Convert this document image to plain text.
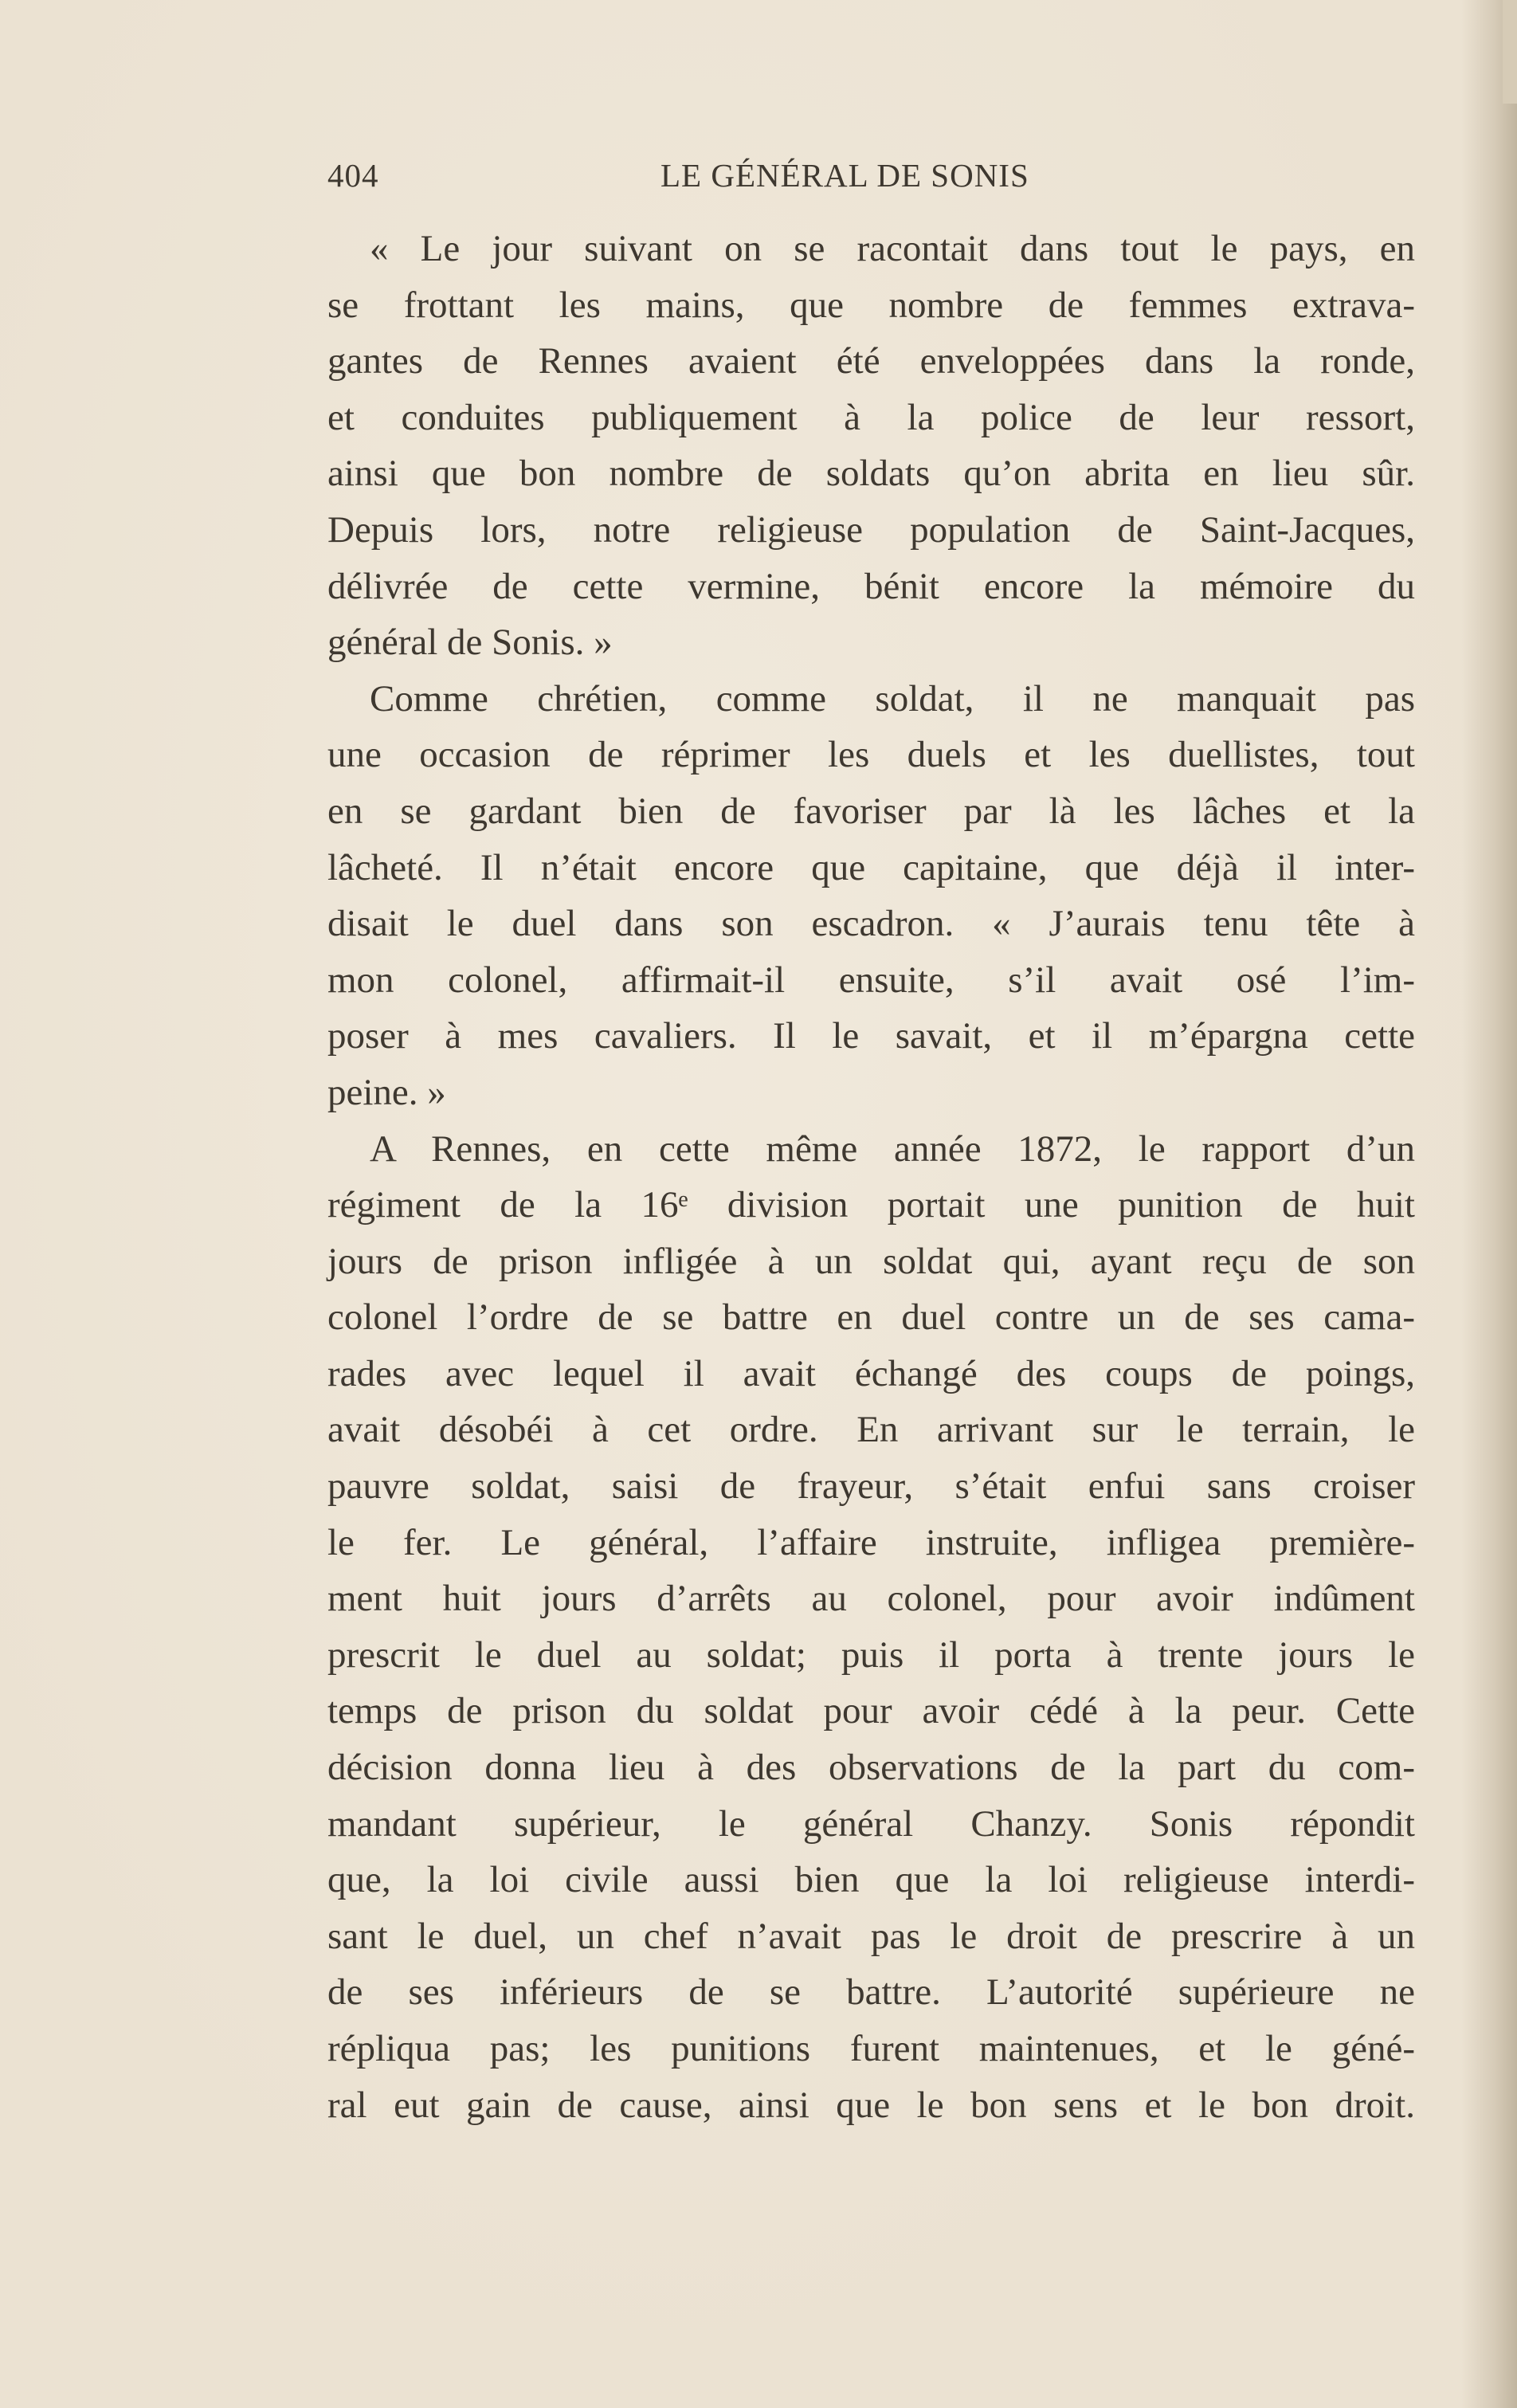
404	LE GÉNÉRAL DE SONIS
« Le jour suivant on se racontait dans tout le pays, en
se frottant les mains, que nombre de femmes extrava-
gantes de Rennes avaient été enveloppées dans la ronde,
et conduites publiquement à la police de leur ressort,
ainsi que bon nombre de soldats qu’on abrita en lieu sûr.
Depuis lors, notre religieuse population de Saint-Jacques,
délivrée de cette vermine, bénit encore la mémoire du
général de Sonis. »
Comme chrétien, comme soldat, il ne manquait pas
une occasion de réprimer les duels et les duellistes, tout
en se gardant bien de favoriser par là les lâches et la
lâcheté. Il n’était encore que capitaine, que déjà il inter-
disait le duel dans son escadron. « J’aurais tenu tête à
mon colonel, affirmait-il ensuite, s’il avait osé l’im-
poser à mes cavaliers. Il le savait, et il m’épargna cette
peine. »
A Rennes, en cette même année 1872, le rapport d’un
régiment de la 16ᵉ division portait une punition de huit
jours de prison infligée à un soldat qui, ayant reçu de son
colonel l’ordre de se battre en duel contre un de ses cama-
rades avec lequel il avait échangé des coups de poings,
avait désobéi à cet ordre. En arrivant sur le terrain, le
pauvre soldat, saisi de frayeur, s’était enfui sans croiser
le fer. Le général, l’affaire instruite, infligea première-
ment huit jours d’arrêts au colonel, pour avoir indûment
prescrit le duel au soldat; puis il porta à trente jours le
temps de prison du soldat pour avoir cédé à la peur. Cette
décision donna lieu à des observations de la part du com-
mandant supérieur, le général Chanzy. Sonis répondit
que, la loi civile aussi bien que la loi religieuse interdi-
sant le duel, un chef n’avait pas le droit de prescrire à un
de ses inférieurs de se battre. L’autorité supérieure ne
répliqua pas; les punitions furent maintenues, et le géné-
ral eut gain de cause, ainsi que le bon sens et le bon droit.
